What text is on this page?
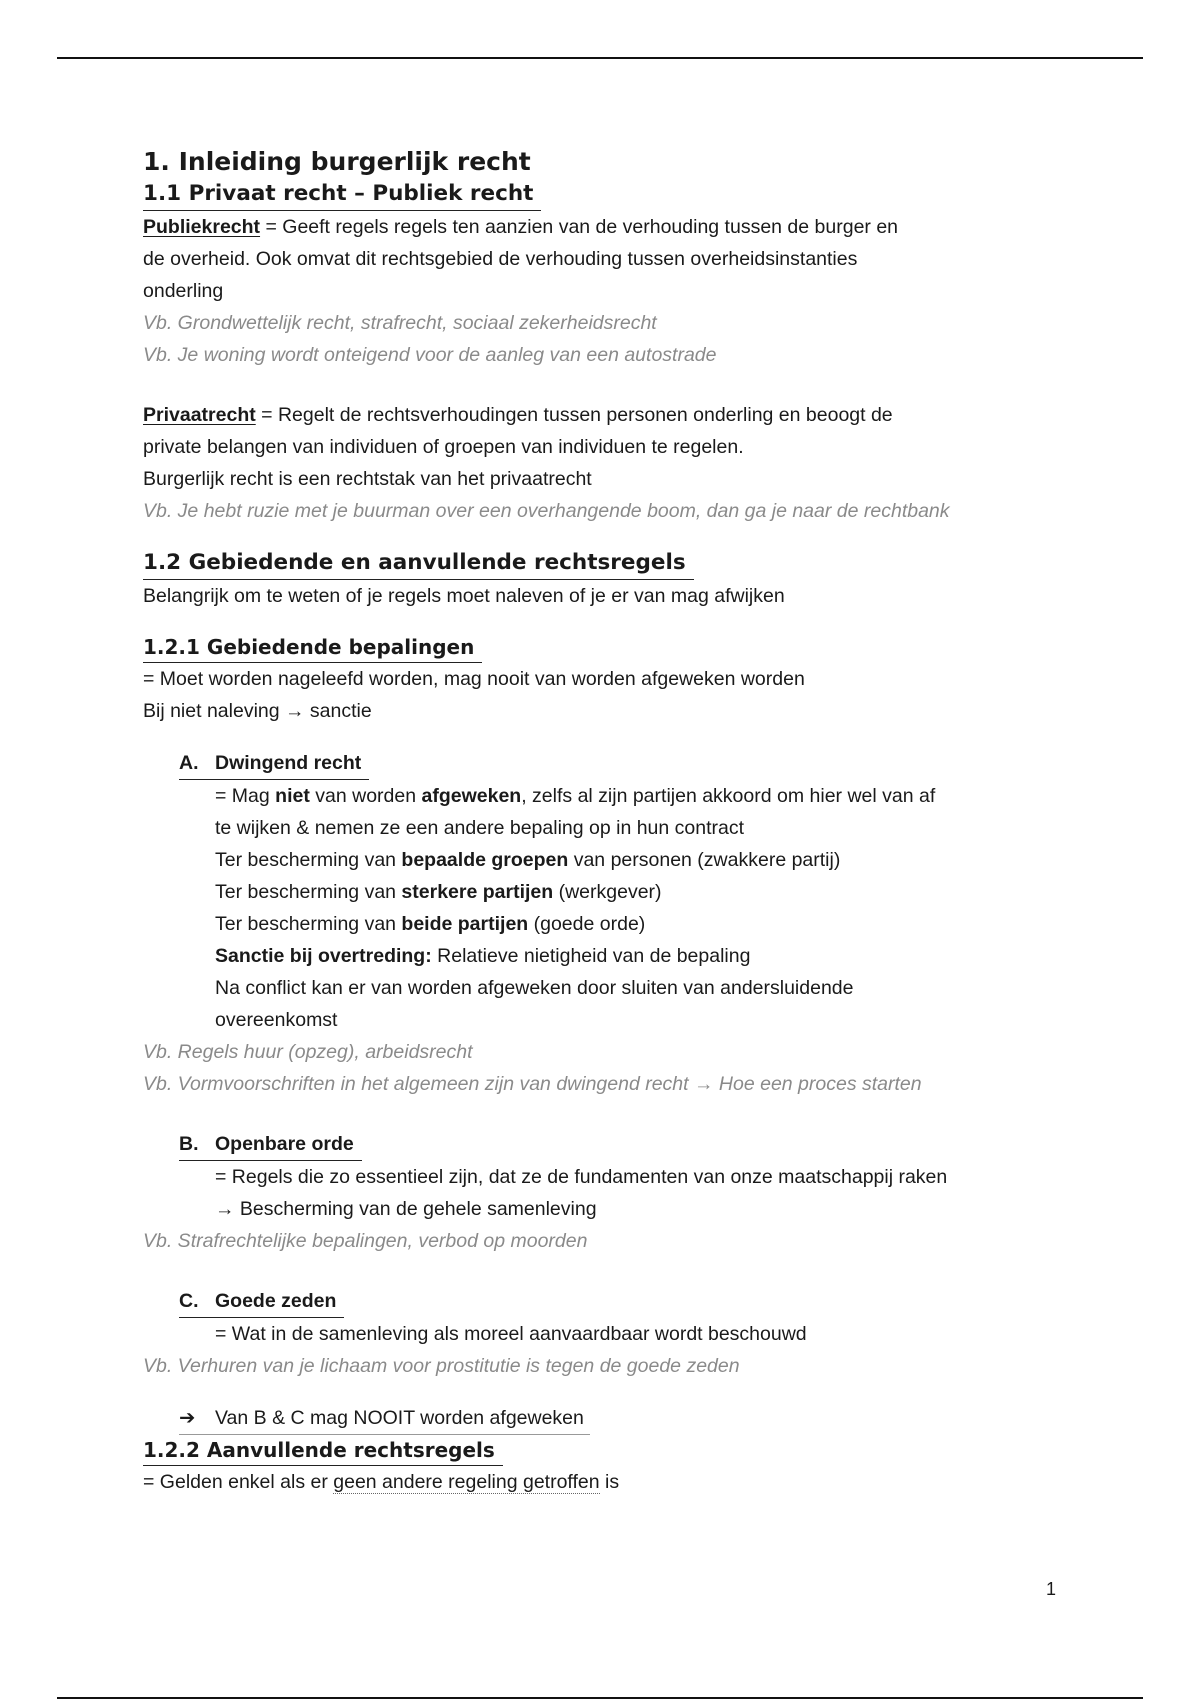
1. Inleiding burgerlijk recht
1.1 Privaat recht – Publiek recht

Publiekrecht = Geeft regels regels ten aanzien van de verhouding tussen de burger en

de overheid. Ook omvat dit rechtsgebied de verhouding tussen overheidsinstanties

onderling

Vb. Grondwettelijk recht, strafrecht, sociaal zekerheidsrecht

Vb. Je woning wordt onteigend voor de aanleg van een autostrade

Privaatrecht = Regelt de rechtsverhoudingen tussen personen onderling en beoogt de

private belangen van individuen of groepen van individuen te regelen.

Burgerlijk recht is een rechtstak van het privaatrecht

Vb. Je hebt ruzie met je buurman over een overhangende boom, dan ga je naar de rechtbank

1.2 Gebiedende en aanvullende rechtsregels

Belangrijk om te weten of je regels moet naleven of je er van mag afwijken

1.2.1 Gebiedende bepalingen

= Moet worden nageleefd worden, mag nooit van worden afgeweken worden

Bij niet naleving → sanctie

A. Dwingend recht

= Mag niet van worden afgeweken, zelfs al zijn partijen akkoord om hier wel van af

te wijken & nemen ze een andere bepaling op in hun contract

Ter bescherming van bepaalde groepen van personen (zwakkere partij)

Ter bescherming van sterkere partijen (werkgever)

Ter bescherming van beide partijen (goede orde)

Sanctie bij overtreding: Relatieve nietigheid van de bepaling

Na conflict kan er van worden afgeweken door sluiten van andersluidende

overeenkomst

Vb. Regels huur (opzeg), arbeidsrecht

Vb. Vormvoorschriften in het algemeen zijn van dwingend recht → Hoe een proces starten

B. Openbare orde

= Regels die zo essentieel zijn, dat ze de fundamenten van onze maatschappij raken

→ Bescherming van de gehele samenleving

Vb. Strafrechtelijke bepalingen, verbod op moorden

C. Goede zeden

= Wat in de samenleving als moreel aanvaardbaar wordt beschouwd

Vb. Verhuren van je lichaam voor prostitutie is tegen de goede zeden

➔ Van B & C mag NOOIT worden afgeweken
1.2.2 Aanvullende rechtsregels

= Gelden enkel als er geen andere regeling getroffen is

1
